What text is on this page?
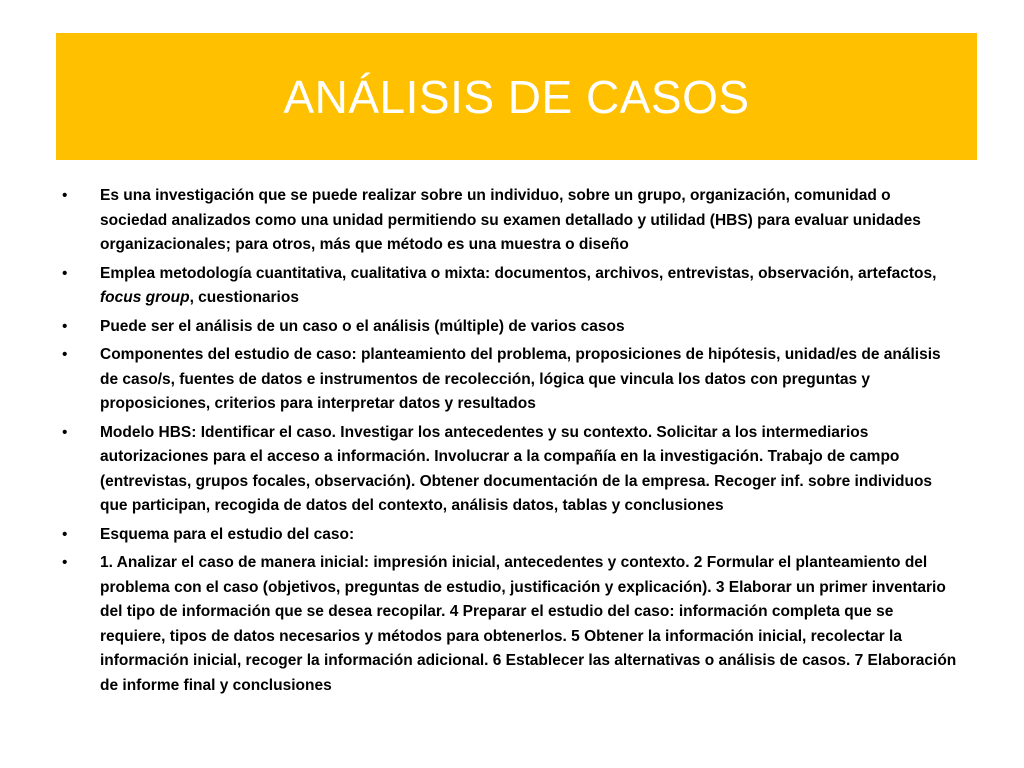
ANÁLISIS DE CASOS
• Es una investigación que se puede realizar sobre un individuo, sobre un grupo, organización, comunidad o sociedad analizados como una unidad permitiendo su examen detallado y utilidad (HBS) para evaluar unidades organizacionales; para otros, más que método es una muestra o diseño
• Emplea metodología cuantitativa, cualitativa o mixta: documentos, archivos, entrevistas, observación, artefactos, focus group, cuestionarios
• Puede ser el análisis de un caso o el análisis (múltiple) de varios casos
• Componentes del estudio de caso: planteamiento del problema, proposiciones de hipótesis, unidad/es de análisis de caso/s, fuentes de datos e instrumentos de recolección, lógica que vincula los datos con preguntas y proposiciones, criterios para interpretar datos y resultados
• Modelo HBS: Identificar el caso. Investigar los antecedentes y su contexto. Solicitar a los intermediarios autorizaciones para el acceso a información. Involucrar a la compañía en la investigación. Trabajo de campo (entrevistas, grupos focales, observación). Obtener documentación de la empresa. Recoger inf. sobre individuos que participan, recogida de datos del contexto, análisis datos, tablas y conclusiones
• Esquema para el estudio del caso:
• 1. Analizar el caso de manera inicial: impresión inicial, antecedentes y contexto. 2 Formular el planteamiento del problema con el caso (objetivos, preguntas de estudio, justificación y explicación). 3 Elaborar un primer inventario del tipo de información que se desea recopilar. 4 Preparar el estudio del caso: información completa que se requiere, tipos de datos necesarios y métodos para obtenerlos. 5 Obtener la información inicial, recolectar la información inicial, recoger la información adicional. 6 Establecer las alternativas o análisis de casos. 7 Elaboración de informe final y conclusiones
